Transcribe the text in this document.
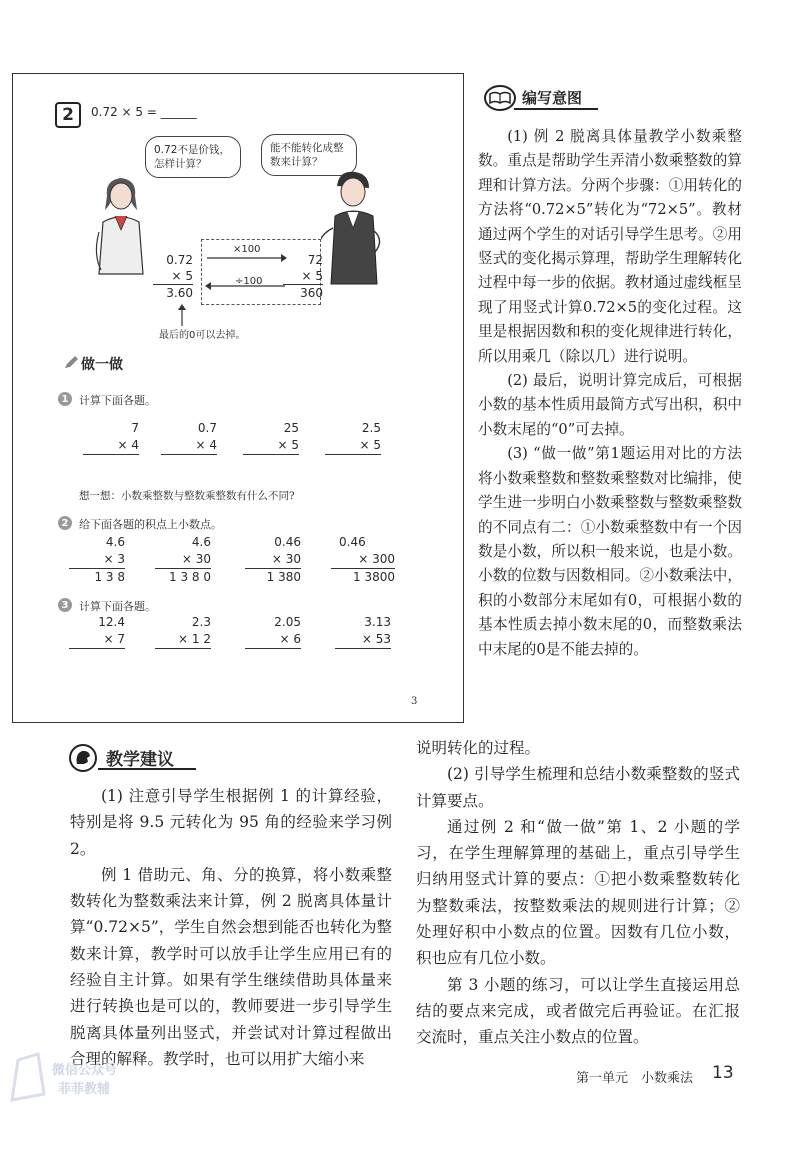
2 0.72 × 5 = ______
0.72不是价钱，怎样计算？
能不能转化成整数来计算？
0.72
× 5
3.60
×100
÷100
72
× 5
360
最后的0可以去掉。
做一做
1 计算下面各题。
7
× 4
0.7
× 4
25
× 5
2.5
× 5
想一想：小数乘整数与整数乘整数有什么不同?
2 给下面各题的积点上小数点。
4.6
× 3
1 3 8
4.6
× 30
1 3 8 0
0.46
× 30
1 380
0.46
× 300
1 3800
3 计算下面各题。
12.4
× 7
2.3
× 1 2
2.05
× 6
3.13
× 53
3
编写意图

(1) 例 2 脱离具体量教学小数乘整数。重点是帮助学生弄清小数乘整数的算理和计算方法。分两个步骤：①用转化的方法将“0.72×5”转化为“72×5”。教材通过两个学生的对话引导学生思考。②用竖式的变化揭示算理，帮助学生理解转化过程中每一步的依据。教材通过虚线框呈现了用竖式计算0.72×5的变化过程。这里是根据因数和积的变化规律进行转化，所以用乘几（除以几）进行说明。

(2) 最后，说明计算完成后，可根据小数的基本性质用最简方式写出积，积中小数末尾的“0”可去掉。

(3) “做一做”第1题运用对比的方法将小数乘整数和整数乘整数对比编排，使学生进一步明白小数乘整数与整数乘整数的不同点有二：①小数乘整数中有一个因数是小数，所以积一般来说，也是小数。小数的位数与因数相同。②小数乘法中，积的小数部分末尾如有0，可根据小数的基本性质去掉小数末尾的0，而整数乘法中末尾的0是不能去掉的。

教学建议

(1) 注意引导学生根据例 1 的计算经验，特别是将 9.5 元转化为 95 角的经验来学习例 2。

例 1 借助元、角、分的换算，将小数乘整数转化为整数乘法来计算，例 2 脱离具体量计算“0.72×5”，学生自然会想到能否也转化为整数来计算，教学时可以放手让学生应用已有的经验自主计算。如果有学生继续借助具体量来进行转换也是可以的，教师要进一步引导学生脱离具体量列出竖式，并尝试对计算过程做出合理的解释。教学时，也可以用扩大缩小来

说明转化的过程。

(2) 引导学生梳理和总结小数乘整数的竖式计算要点。

通过例 2 和“做一做”第 1、2 小题的学习，在学生理解算理的基础上，重点引导学生归纳用竖式计算的要点：①把小数乘整数转化为整数乘法，按整数乘法的规则进行计算；②处理好积中小数点的位置。因数有几位小数，积也应有几位小数。

第 3 小题的练习，可以让学生直接运用总结的要点来完成，或者做完后再验证。在汇报交流时，重点关注小数点的位置。

第一单元　小数乘法 13
微信公众号
菲菲教辅
